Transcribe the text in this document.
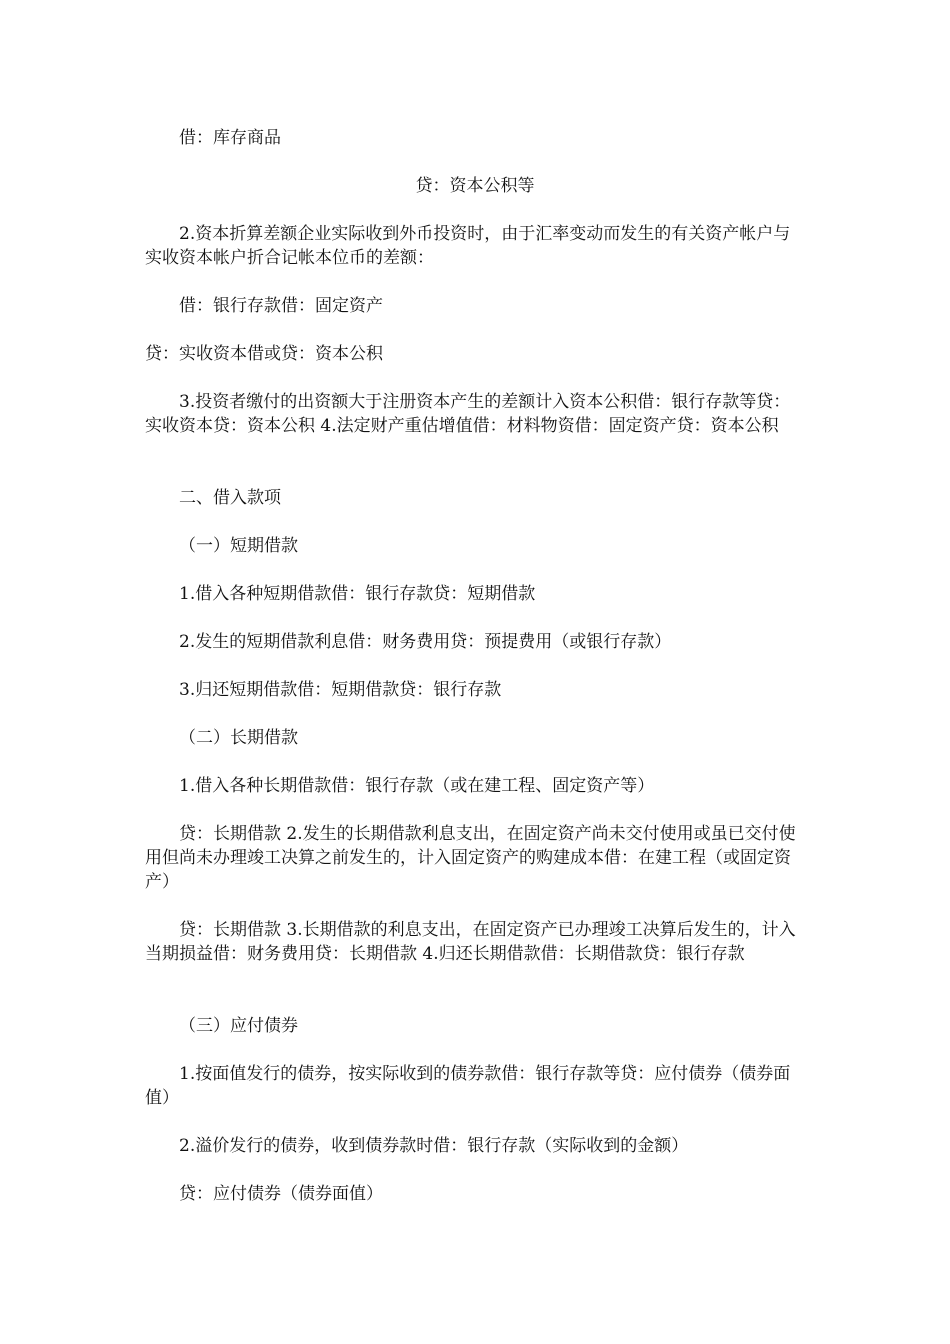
借：库存商品

贷：资本公积等

2.资本折算差额企业实际收到外币投资时，由于汇率变动而发生的有关资产帐户与实收资本帐户折合记帐本位币的差额：

借：银行存款借：固定资产

贷：实收资本借或贷：资本公积

3.投资者缴付的出资额大于注册资本产生的差额计入资本公积借：银行存款等贷：实收资本贷：资本公积 4.法定财产重估增值借：材料物资借：固定资产贷：资本公积

二、借入款项

（一）短期借款

1.借入各种短期借款借：银行存款贷：短期借款

2.发生的短期借款利息借：财务费用贷：预提费用（或银行存款）

3.归还短期借款借：短期借款贷：银行存款

（二）长期借款

1.借入各种长期借款借：银行存款（或在建工程、固定资产等）

贷：长期借款 2.发生的长期借款利息支出，在固定资产尚未交付使用或虽已交付使用但尚未办理竣工决算之前发生的，计入固定资产的购建成本借：在建工程（或固定资产）

贷：长期借款 3.长期借款的利息支出，在固定资产已办理竣工决算后发生的，计入当期损益借：财务费用贷：长期借款 4.归还长期借款借：长期借款贷：银行存款

（三）应付债券

1.按面值发行的债券，按实际收到的债券款借：银行存款等贷：应付债券（债券面值）

2.溢价发行的债券，收到债券款时借：银行存款（实际收到的金额）

贷：应付债券（债券面值）
